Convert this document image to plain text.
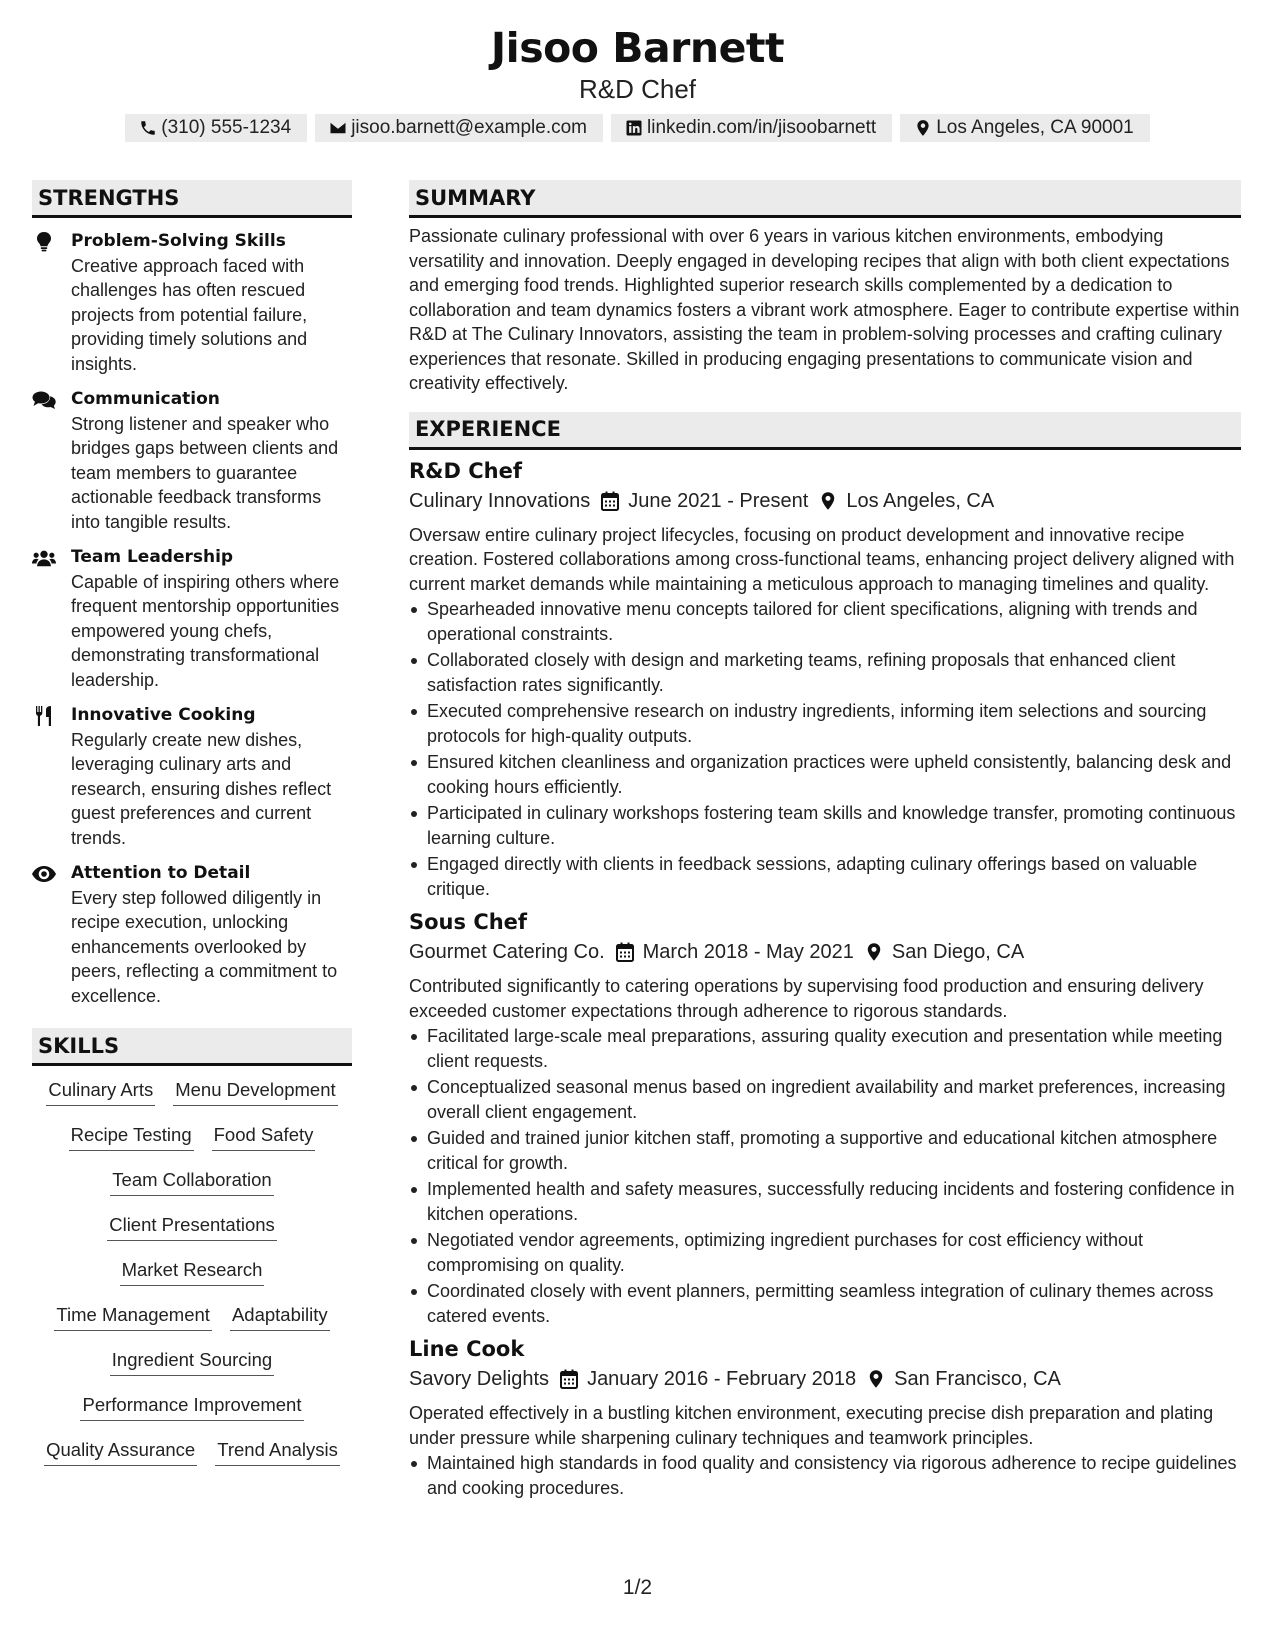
Jisoo Barnett
R&D Chef
(310) 555-1234	jisoo.barnett@example.com	linkedin.com/in/jisoobarnett	Los Angeles, CA 90001
STRENGTHS
Problem-Solving Skills
Creative approach faced with challenges has often rescued projects from potential failure, providing timely solutions and insights.
Communication
Strong listener and speaker who bridges gaps between clients and team members to guarantee actionable feedback transforms into tangible results.
Team Leadership
Capable of inspiring others where frequent mentorship opportunities empowered young chefs, demonstrating transformational leadership.
Innovative Cooking
Regularly create new dishes, leveraging culinary arts and research, ensuring dishes reflect guest preferences and current trends.
Attention to Detail
Every step followed diligently in recipe execution, unlocking enhancements overlooked by peers, reflecting a commitment to excellence.
SKILLS
Culinary Arts Menu Development
Recipe Testing Food Safety
Team Collaboration
Client Presentations
Market Research
Time Management Adaptability
Ingredient Sourcing
Performance Improvement
Quality Assurance Trend Analysis
SUMMARY
Passionate culinary professional with over 6 years in various kitchen environments, embodying versatility and innovation. Deeply engaged in developing recipes that align with both client expectations and emerging food trends. Highlighted superior research skills complemented by a dedication to collaboration and team dynamics fosters a vibrant work atmosphere. Eager to contribute expertise within R&D at The Culinary Innovators, assisting the team in problem-solving processes and crafting culinary experiences that resonate. Skilled in producing engaging presentations to communicate vision and creativity effectively.
EXPERIENCE
R&D Chef
Culinary Innovations June 2021 - Present Los Angeles, CA
Oversaw entire culinary project lifecycles, focusing on product development and innovative recipe creation. Fostered collaborations among cross-functional teams, enhancing project delivery aligned with current market demands while maintaining a meticulous approach to managing timelines and quality.
Spearheaded innovative menu concepts tailored for client specifications, aligning with trends and operational constraints.
Collaborated closely with design and marketing teams, refining proposals that enhanced client satisfaction rates significantly.
Executed comprehensive research on industry ingredients, informing item selections and sourcing protocols for high-quality outputs.
Ensured kitchen cleanliness and organization practices were upheld consistently, balancing desk and cooking hours efficiently.
Participated in culinary workshops fostering team skills and knowledge transfer, promoting continuous learning culture.
Engaged directly with clients in feedback sessions, adapting culinary offerings based on valuable critique.
Sous Chef
Gourmet Catering Co. March 2018 - May 2021 San Diego, CA
Contributed significantly to catering operations by supervising food production and ensuring delivery exceeded customer expectations through adherence to rigorous standards.
Facilitated large-scale meal preparations, assuring quality execution and presentation while meeting client requests.
Conceptualized seasonal menus based on ingredient availability and market preferences, increasing overall client engagement.
Guided and trained junior kitchen staff, promoting a supportive and educational kitchen atmosphere critical for growth.
Implemented health and safety measures, successfully reducing incidents and fostering confidence in kitchen operations.
Negotiated vendor agreements, optimizing ingredient purchases for cost efficiency without compromising on quality.
Coordinated closely with event planners, permitting seamless integration of culinary themes across catered events.
Line Cook
Savory Delights January 2016 - February 2018 San Francisco, CA
Operated effectively in a bustling kitchen environment, executing precise dish preparation and plating under pressure while sharpening culinary techniques and teamwork principles.
Maintained high standards in food quality and consistency via rigorous adherence to recipe guidelines and cooking procedures.
1/2
